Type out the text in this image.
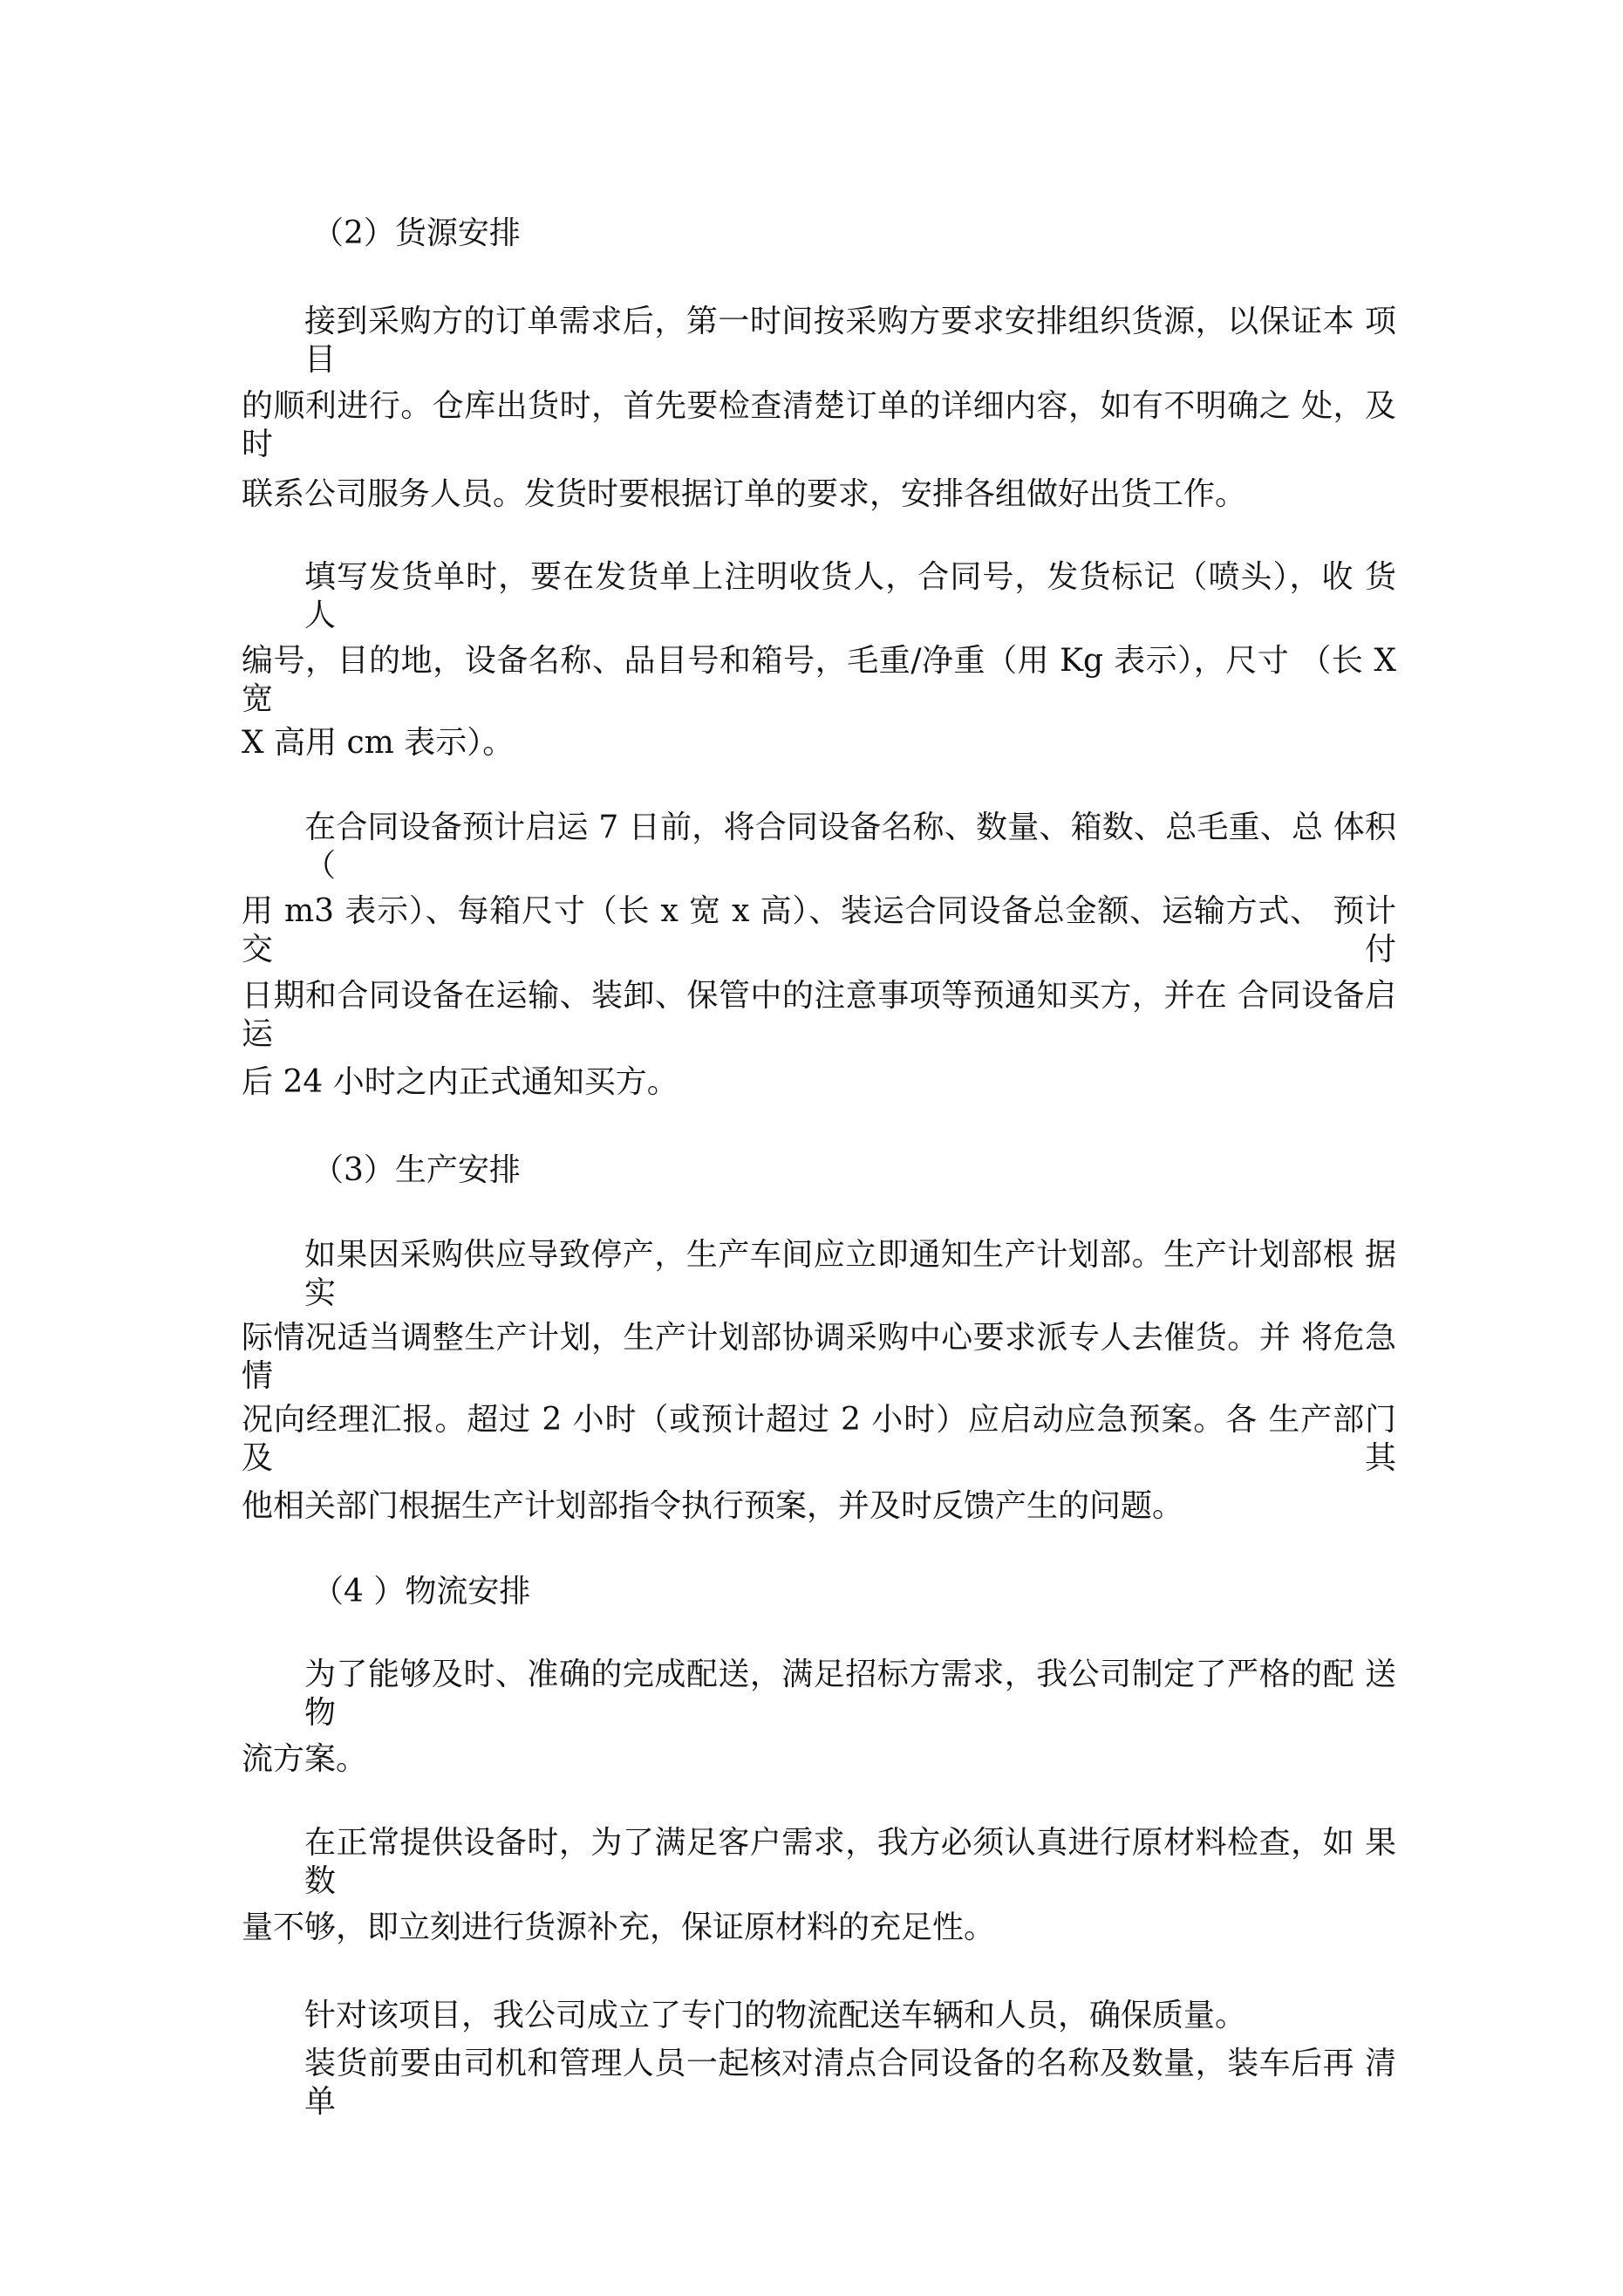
（2）货源安排
接到采购方的订单需求后，第一时间按采购方要求安排组织货源，以保证本 项目
的顺利进行。仓库出货时，首先要检查清楚订单的详细内容，如有不明确之 处，及时
联系公司服务人员。发货时要根据订单的要求，安排各组做好出货工作。
填写发货单时，要在发货单上注明收货人，合同号，发货标记（喷头），收 货人
编号，目的地，设备名称、品目号和箱号，毛重/净重（用 Kg 表示），尺寸 （长 X 宽
X 高用 cm 表示）。
在合同设备预计启运 7 日前，将合同设备名称、数量、箱数、总毛重、总 体积（
用 m3 表示）、每箱尺寸（长 x 宽 x 高）、装运合同设备总金额、运输方式、 预计交付
日期和合同设备在运输、装卸、保管中的注意事项等预通知买方，并在 合同设备启运
后 24 小时之内正式通知买方。
（3）生产安排
如果因采购供应导致停产，生产车间应立即通知生产计划部。生产计划部根 据实
际情况适当调整生产计划，生产计划部协调采购中心要求派专人去催货。并 将危急情
况向经理汇报。超过 2 小时（或预计超过 2 小时）应启动应急预案。各 生产部门及其
他相关部门根据生产计划部指令执行预案，并及时反馈产生的问题。
（4 ）物流安排
为了能够及时、准确的完成配送，满足招标方需求，我公司制定了严格的配 送物
流方案。
在正常提供设备时，为了满足客户需求，我方必须认真进行原材料检查，如 果数
量不够，即立刻进行货源补充，保证原材料的充足性。
针对该项目，我公司成立了专门的物流配送车辆和人员，确保质量。
装货前要由司机和管理人员一起核对清点合同设备的名称及数量，装车后再 清单
